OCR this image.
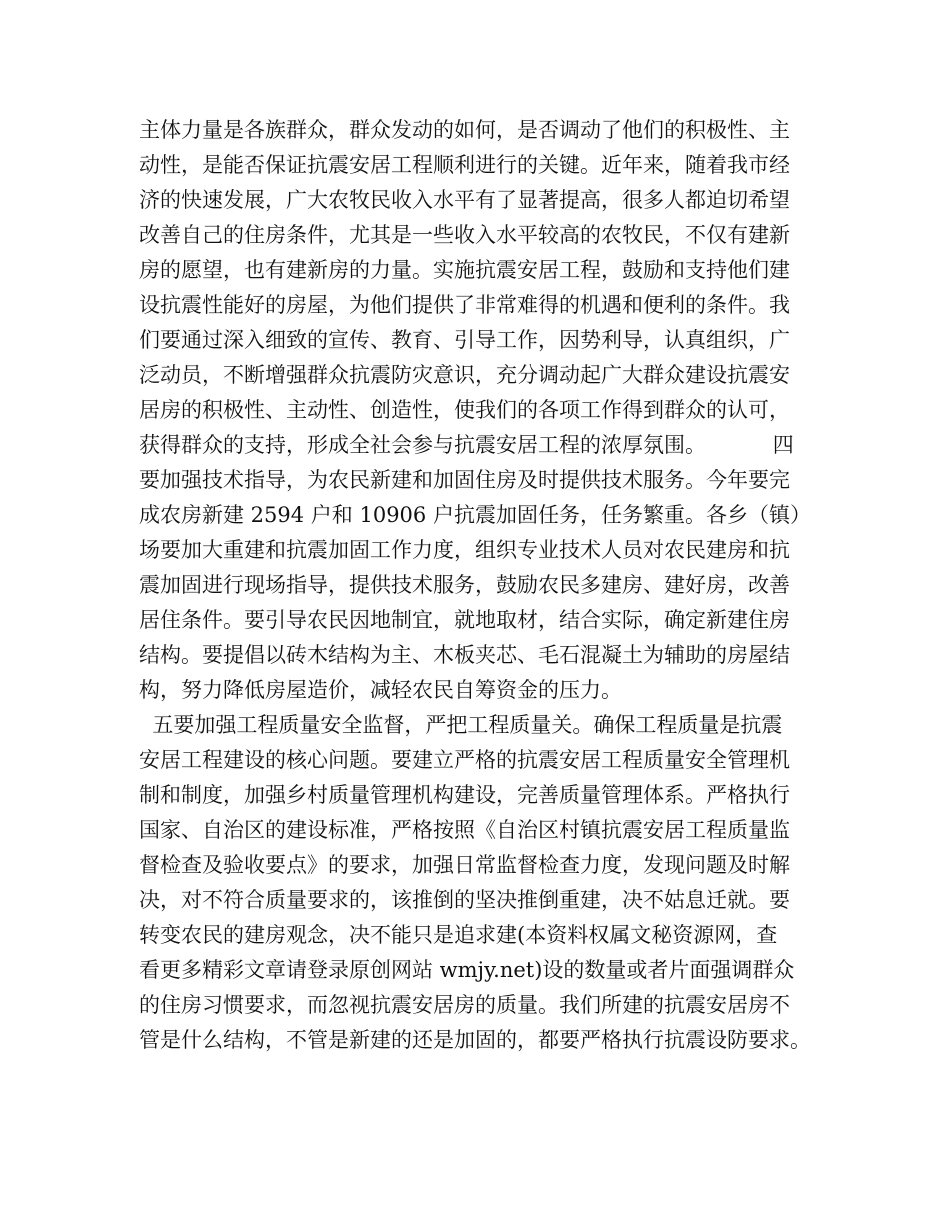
主体力量是各族群众，群众发动的如何，是否调动了他们的积极性、主
动性，是能否保证抗震安居工程顺利进行的关键。近年来，随着我市经
济的快速发展，广大农牧民收入水平有了显著提高，很多人都迫切希望
改善自己的住房条件，尤其是一些收入水平较高的农牧民，不仅有建新
房的愿望，也有建新房的力量。实施抗震安居工程，鼓励和支持他们建
设抗震性能好的房屋，为他们提供了非常难得的机遇和便利的条件。我
们要通过深入细致的宣传、教育、引导工作，因势利导，认真组织，广
泛动员，不断增强群众抗震防灾意识，充分调动起广大群众建设抗震安
居房的积极性、主动性、创造性，使我们的各项工作得到群众的认可，
获得群众的支持，形成全社会参与抗震安居工程的浓厚氛围。          四
要加强技术指导，为农民新建和加固住房及时提供技术服务。今年要完
成农房新建 2594 户和 10906 户抗震加固任务，任务繁重。各乡（镇）
场要加大重建和抗震加固工作力度，组织专业技术人员对农民建房和抗
震加固进行现场指导，提供技术服务，鼓励农民多建房、建好房，改善
居住条件。要引导农民因地制宜，就地取材，结合实际，确定新建住房
结构。要提倡以砖木结构为主、木板夹芯、毛石混凝土为辅助的房屋结
构，努力降低房屋造价，减轻农民自筹资金的压力。
五要加强工程质量安全监督，严把工程质量关。确保工程质量是抗震
安居工程建设的核心问题。要建立严格的抗震安居工程质量安全管理机
制和制度，加强乡村质量管理机构建设，完善质量管理体系。严格执行
国家、自治区的建设标准，严格按照《自治区村镇抗震安居工程质量监
督检查及验收要点》的要求，加强日常监督检查力度，发现问题及时解
决，对不符合质量要求的，该推倒的坚决推倒重建，决不姑息迁就。要
转变农民的建房观念，决不能只是追求建(本资料权属文秘资源网，查
看更多精彩文章请登录原创网站 wmjy.net)设的数量或者片面强调群众
的住房习惯要求，而忽视抗震安居房的质量。我们所建的抗震安居房不
管是什么结构，不管是新建的还是加固的，都要严格执行抗震设防要求。
